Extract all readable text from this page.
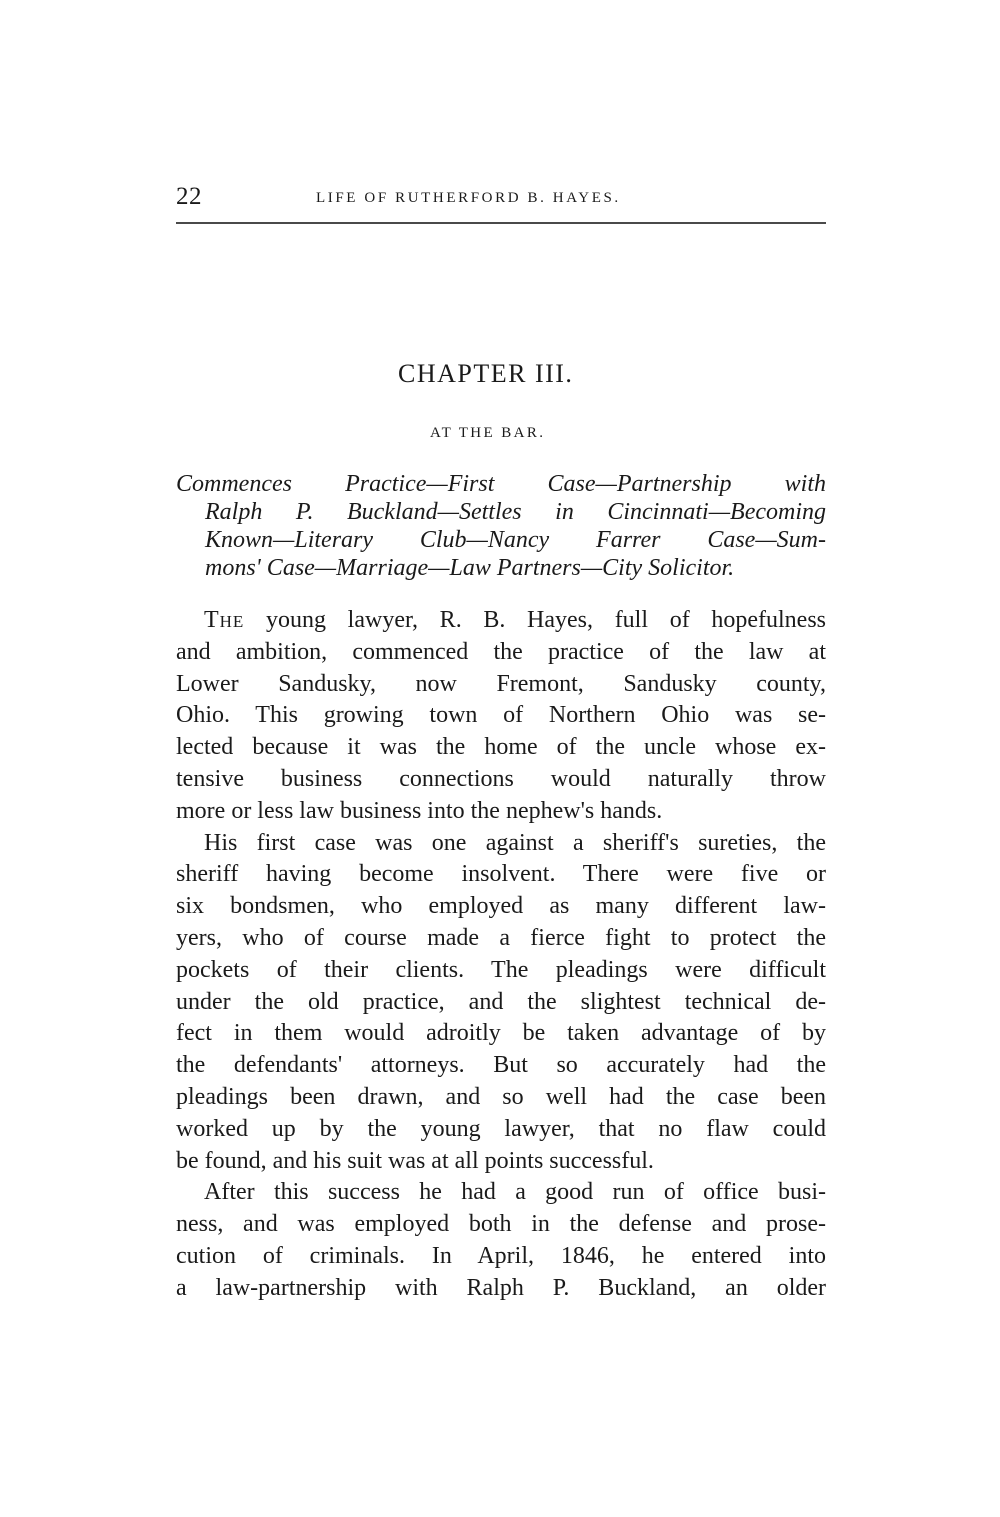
22	LIFE OF RUTHERFORD B. HAYES.
CHAPTER III.
AT THE BAR.
Commences Practice—First Case—Partnership with
Ralph P. Buckland—Settles in Cincinnati—Becoming
Known—Literary Club—Nancy Farrer Case—Sum-
mons' Case—Marriage—Law Partners—City Solicitor.
The young lawyer, R. B. Hayes, full of hopefulness
and ambition, commenced the practice of the law at
Lower Sandusky, now Fremont, Sandusky county,
Ohio. This growing town of Northern Ohio was se-
lected because it was the home of the uncle whose ex-
tensive business connections would naturally throw
more or less law business into the nephew's hands.
His first case was one against a sheriff's sureties, the
sheriff having become insolvent. There were five or
six bondsmen, who employed as many different law-
yers, who of course made a fierce fight to protect the
pockets of their clients. The pleadings were difficult
under the old practice, and the slightest technical de-
fect in them would adroitly be taken advantage of by
the defendants' attorneys. But so accurately had the
pleadings been drawn, and so well had the case been
worked up by the young lawyer, that no flaw could
be found, and his suit was at all points successful.
After this success he had a good run of office busi-
ness, and was employed both in the defense and prose-
cution of criminals. In April, 1846, he entered into
a law-partnership with Ralph P. Buckland, an older
